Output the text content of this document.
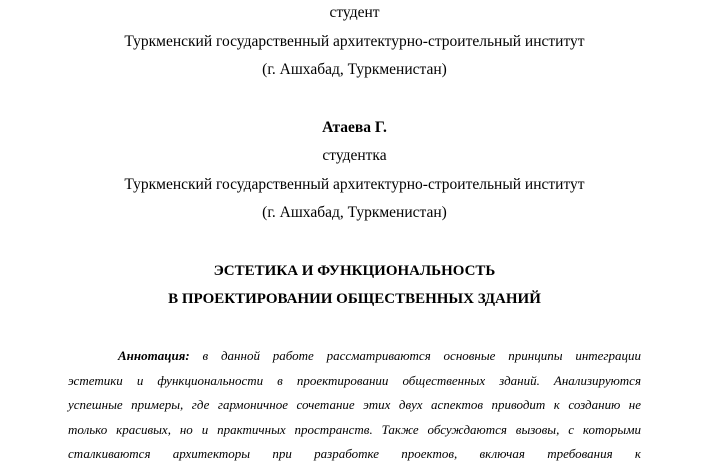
студент
Туркменский государственный архитектурно-строительный институт
(г. Ашхабад, Туркменистан)
Атаева Г.
студентка
Туркменский государственный архитектурно-строительный институт
(г. Ашхабад, Туркменистан)
ЭСТЕТИКА И ФУНКЦИОНАЛЬНОСТЬ
В ПРОЕКТИРОВАНИИ ОБЩЕСТВЕННЫХ ЗДАНИЙ
Аннотация: в данной работе рассматриваются основные принципы интеграции
эстетики и функциональности в проектировании общественных зданий. Анализируются
успешные примеры, где гармоничное сочетание этих двух аспектов приводит к созданию не
только красивых, но и практичных пространств. Также обсуждаются вызовы, с которыми
сталкиваются архитекторы при разработке проектов, включая требования к
